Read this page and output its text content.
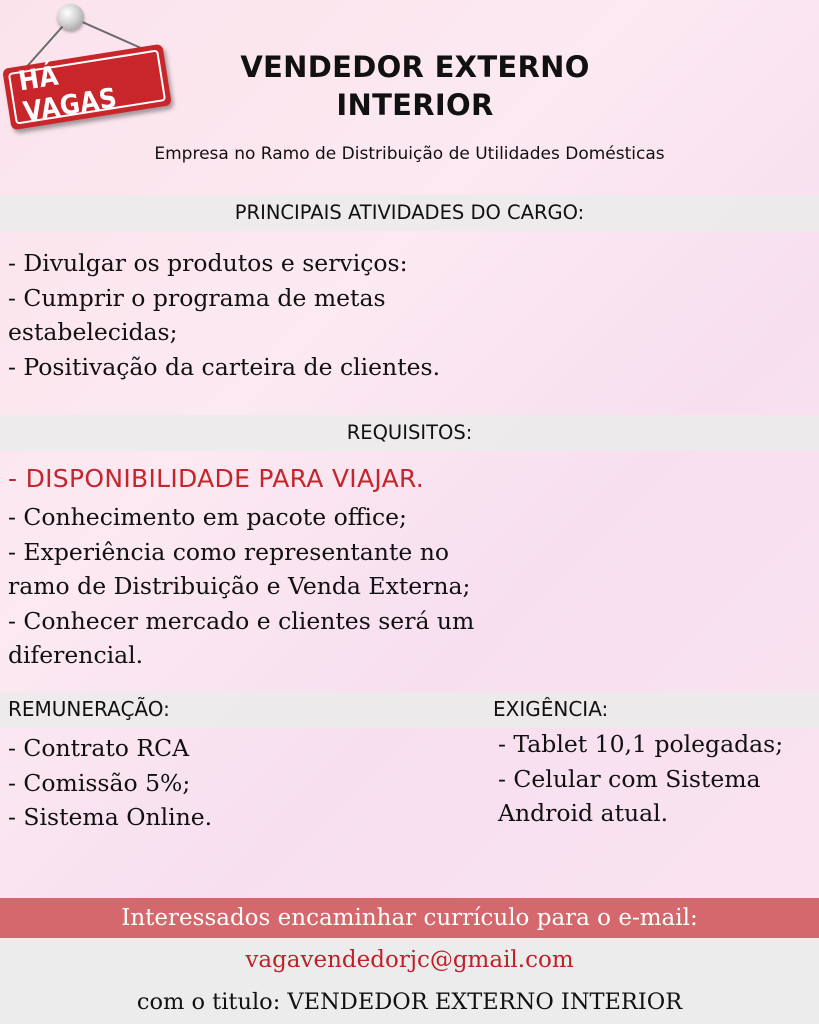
HÁ VAGAS
VENDEDOR EXTERNO
INTERIOR
Empresa no Ramo de Distribuição de Utilidades Domésticas
PRINCIPAIS ATIVIDADES DO CARGO:
- Divulgar os produtos e serviços:
- Cumprir o programa de metas
estabelecidas;
- Positivação da carteira de clientes.
REQUISITOS:
- DISPONIBILIDADE PARA VIAJAR.
- Conhecimento em pacote office;
- Experiência como representante no
ramo de Distribuição e Venda Externa;
- Conhecer mercado e clientes será um
diferencial.
REMUNERAÇÃO:	EXIGÊNCIA:
- Contrato RCA
- Comissão 5%;
- Sistema Online.
- Tablet 10,1 polegadas;
- Celular com Sistema
Android atual.
Interessados encaminhar currículo para o e-mail:
vagavendedorjc@gmail.com
com o titulo: VENDEDOR EXTERNO INTERIOR
